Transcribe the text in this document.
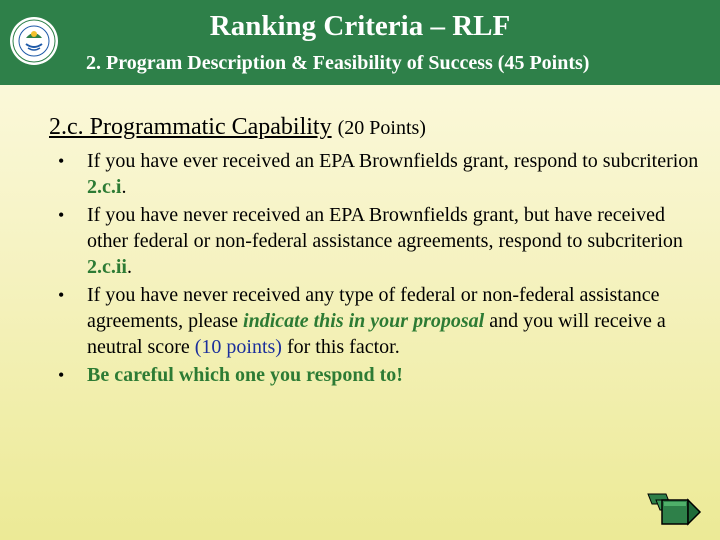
Ranking Criteria – RLF
2. Program Description & Feasibility of Success (45 Points)
2.c. Programmatic Capability (20 Points)
• If you have ever received an EPA Brownfields grant, respond to subcriterion 2.c.i.
• If you have never received an EPA Brownfields grant, but have received other federal or non-federal assistance agreements, respond to subcriterion 2.c.ii.
• If you have never received any type of federal or non-federal assistance agreements, please indicate this in your proposal and you will receive a neutral score (10 points) for this factor.
• Be careful which one you respond to!
